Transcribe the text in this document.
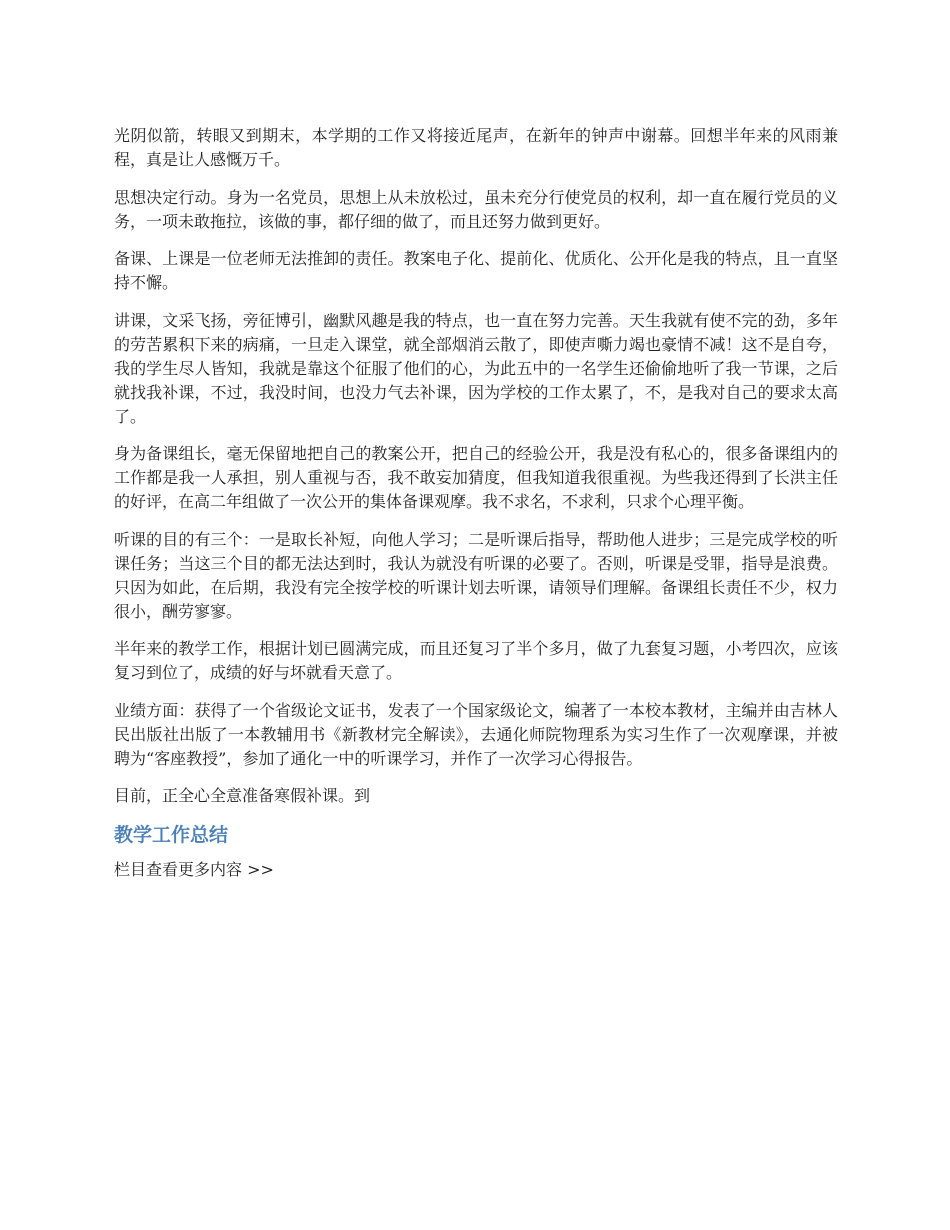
光阴似箭，转眼又到期末，本学期的工作又将接近尾声，在新年的钟声中谢幕。回想半年来的风雨兼程，真是让人感慨万千。

思想决定行动。身为一名党员，思想上从未放松过，虽未充分行使党员的权利，却一直在履行党员的义务，一项未敢拖拉，该做的事，都仔细的做了，而且还努力做到更好。

备课、上课是一位老师无法推卸的责任。教案电子化、提前化、优质化、公开化是我的特点，且一直坚持不懈。

讲课，文采飞扬，旁征博引，幽默风趣是我的特点，也一直在努力完善。天生我就有使不完的劲，多年的劳苦累积下来的病痛，一旦走入课堂，就全部烟消云散了，即使声嘶力竭也豪情不减！这不是自夸，我的学生尽人皆知，我就是靠这个征服了他们的心，为此五中的一名学生还偷偷地听了我一节课，之后就找我补课，不过，我没时间，也没力气去补课，因为学校的工作太累了，不，是我对自己的要求太高了。

身为备课组长，毫无保留地把自己的教案公开，把自己的经验公开，我是没有私心的，很多备课组内的工作都是我一人承担，别人重视与否，我不敢妄加猜度，但我知道我很重视。为些我还得到了长洪主任的好评，在高二年组做了一次公开的集体备课观摩。我不求名，不求利，只求个心理平衡。

听课的目的有三个：一是取长补短，向他人学习；二是听课后指导，帮助他人进步；三是完成学校的听课任务；当这三个目的都无法达到时，我认为就没有听课的必要了。否则，听课是受罪，指导是浪费。只因为如此，在后期，我没有完全按学校的听课计划去听课，请领导们理解。备课组长责任不少，权力很小，酬劳寥寥。

半年来的教学工作，根据计划已圆满完成，而且还复习了半个多月，做了九套复习题，小考四次，应该复习到位了，成绩的好与坏就看天意了。

业绩方面：获得了一个省级论文证书，发表了一个国家级论文，编著了一本校本教材，主编并由吉林人民出版社出版了一本教辅用书《新教材完全解读》，去通化师院物理系为实习生作了一次观摩课，并被聘为“客座教授”，参加了通化一中的听课学习，并作了一次学习心得报告。

目前，正全心全意准备寒假补课。到

教学工作总结

栏目查看更多内容 >>
